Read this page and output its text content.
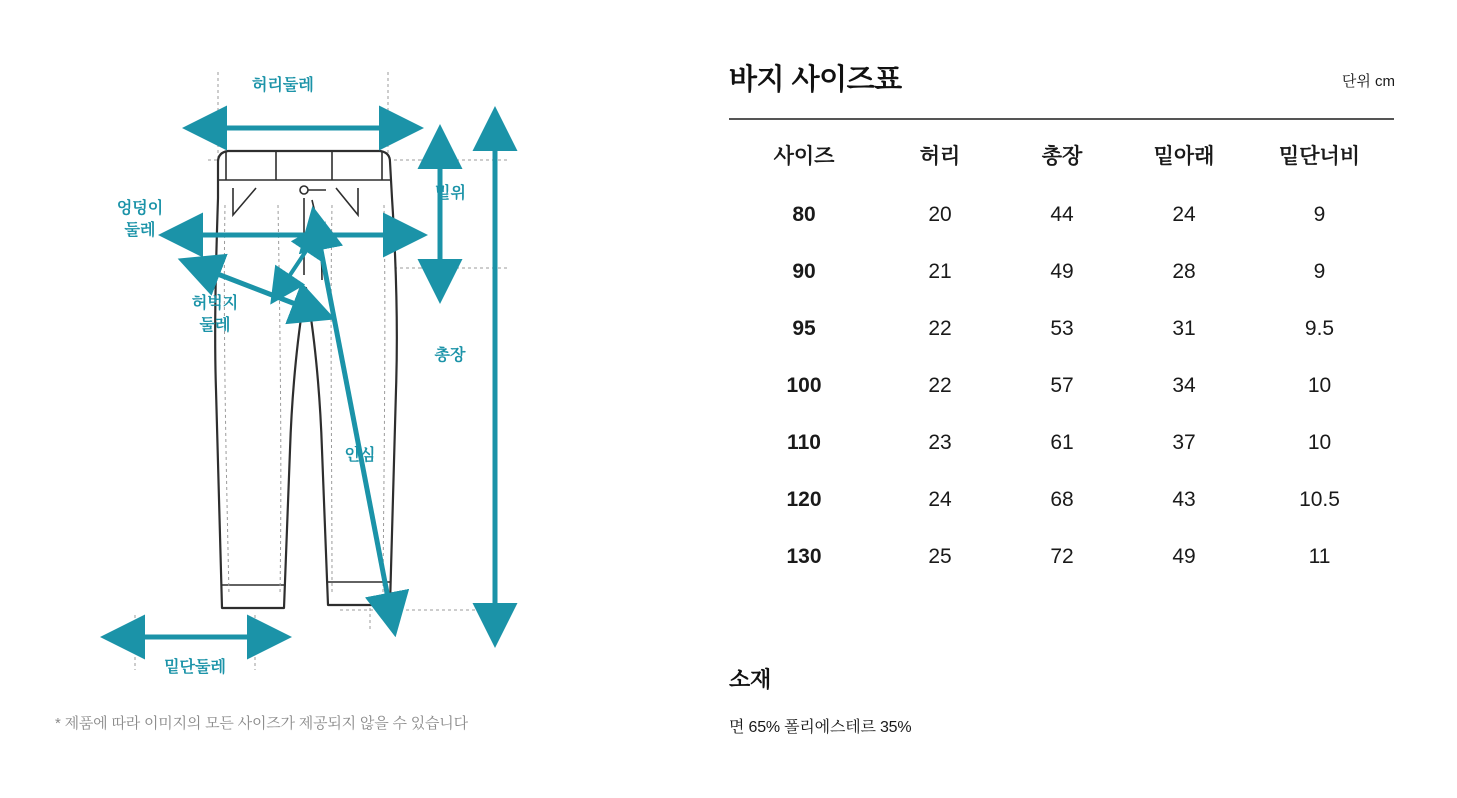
허리둘레
밑위
엉덩이
둘레
허벅지
둘레
총장
인심
밑단둘레
* 제품에 따라 이미지의 모든 사이즈가 제공되지 않을 수 있습니다
바지 사이즈표	단위 cm
사이즈	허리	총장	밑아래	밑단너비
80	20	44	24	9
90	21	49	28	9
95	22	53	31	9.5
100	22	57	34	10
110	23	61	37	10
120	24	68	43	10.5
130	25	72	49	11
소재
면 65% 폴리에스테르 35%
